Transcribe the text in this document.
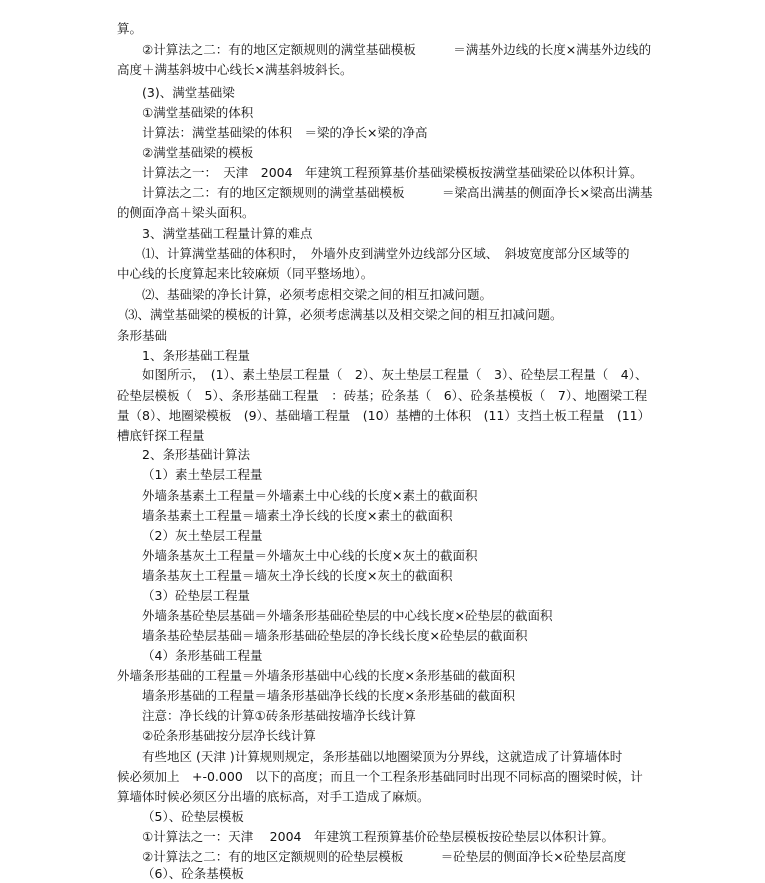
算。
②计算法之二：有的地区定额规则的满堂基础模板　　　＝满基外边线的长度×满基外边线的
高度＋满基斜坡中心线长×满基斜坡斜长。
(3)、满堂基础梁
①满堂基础梁的体积
计算法：满堂基础梁的体积　＝梁的净长×梁的净高
②满堂基础梁的模板
计算法之一：　天津　2004　年建筑工程预算基价基础梁模板按满堂基础梁砼以体积计算。
计算法之二：有的地区定额规则的满堂基础模板　　　＝梁高出满基的侧面净长×梁高出满基
的侧面净高＋梁头面积。
3、满堂基础工程量计算的难点
⑴、计算满堂基础的体积时，　外墙外皮到满堂外边线部分区域、　斜坡宽度部分区域等的
中心线的长度算起来比较麻烦（同平整场地）。
⑵、基础梁的净长计算，必须考虑相交梁之间的相互扣减问题。
⑶、满堂基础梁的模板的计算，必须考虑满基以及相交梁之间的相互扣减问题。
条形基础
1、条形基础工程量
如图所示，　(1）、素土垫层工程量（　2）、灰土垫层工程量（　3）、砼垫层工程量（　4）、
砼垫层模板（　5）、条形基础工程量　：砖基；砼条基（　6）、砼条基模板（　7）、地圈梁工程
量（8）、地圈梁模板　(9）、基础墙工程量　(10）基槽的土体积　(11）支挡土板工程量　(11）
槽底钎探工程量
2、条形基础计算法
（1）素土垫层工程量
外墙条基素土工程量＝外墙素土中心线的长度×素土的截面积
墙条基素土工程量＝墙素土净长线的长度×素土的截面积
（2）灰土垫层工程量
外墙条基灰土工程量＝外墙灰土中心线的长度×灰土的截面积
墙条基灰土工程量＝墙灰土净长线的长度×灰土的截面积
（3）砼垫层工程量
外墙条基砼垫层基础＝外墙条形基础砼垫层的中心线长度×砼垫层的截面积
墙条基砼垫层基础＝墙条形基础砼垫层的净长线长度×砼垫层的截面积
（4）条形基础工程量
外墙条形基础的工程量＝外墙条形基础中心线的长度×条形基础的截面积
墙条形基础的工程量＝墙条形基础净长线的长度×条形基础的截面积
注意：净长线的计算①砖条形基础按墙净长线计算
②砼条形基础按分层净长线计算
有些地区 (天津 )计算规则规定，条形基础以地圈梁顶为分界线，这就造成了计算墙体时
候必须加上　+-0.000　以下的高度；而且一个工程条形基础同时出现不同标高的圈梁时候，计
算墙体时候必须区分出墙的底标高，对手工造成了麻烦。
（5）、砼垫层模板
①计算法之一：天津　 2004　年建筑工程预算基价砼垫层模板按砼垫层以体积计算。
②计算法之二：有的地区定额规则的砼垫层模板　　　＝砼垫层的侧面净长×砼垫层高度
（6）、砼条基模板
